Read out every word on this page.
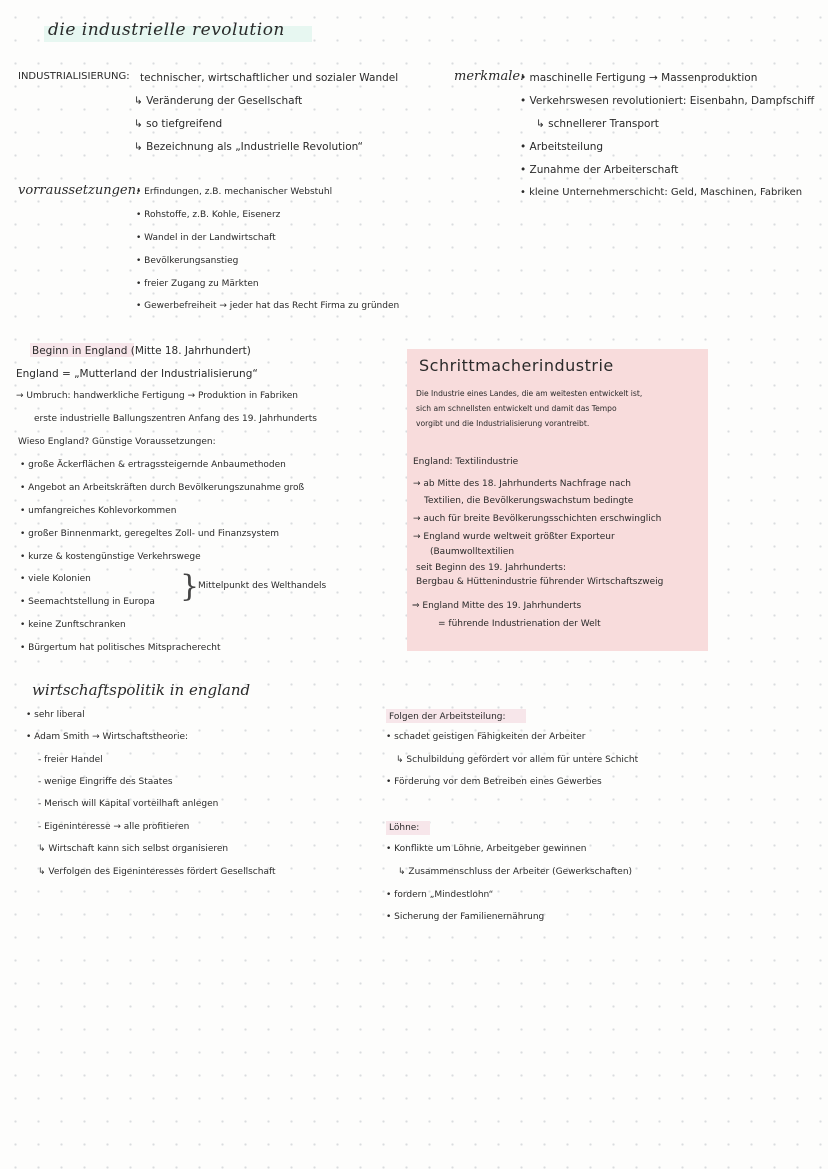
die industrielle revolution
INDUSTRIALISIERUNG: technischer, wirtschaftlicher und sozialer Wandel
↳ Veränderung der Gesellschaft
↳ so tiefgreifend
↳ Bezeichnung als „Industrielle Revolution“
merkmale:
• maschinelle Fertigung → Massenproduktion
• Verkehrswesen revolutioniert: Eisenbahn, Dampfschiff
↳ schnellerer Transport
• Arbeitsteilung
• Zunahme der Arbeiterschaft
• kleine Unternehmerschicht: Geld, Maschinen, Fabriken
vorraussetzungen:
• Erfindungen, z.B. mechanischer Webstuhl
• Rohstoffe, z.B. Kohle, Eisenerz
• Wandel in der Landwirtschaft
• Bevölkerungsanstieg
• freier Zugang zu Märkten
• Gewerbefreiheit → jeder hat das Recht Firma zu gründen
Beginn in England (Mitte 18. Jahrhundert)
England = „Mutterland der Industrialisierung“
→ Umbruch: handwerkliche Fertigung → Produktion in Fabriken
erste industrielle Ballungszentren Anfang des 19. Jahrhunderts
Wieso England? Günstige Voraussetzungen:
• große Äckerflächen & ertragssteigernde Anbaumethoden
• Angebot an Arbeitskräften durch Bevölkerungszunahme groß
• umfangreiches Kohlevorkommen
• großer Binnenmarkt, geregeltes Zoll- und Finanzsystem
• kurze & kostengünstige Verkehrswege
• viele Kolonien
• Seemachtstellung in Europa
• keine Zunftschranken
• Bürgertum hat politisches Mitspracherecht
}
Mittelpunkt des Welthandels
Schrittmacherindustrie
Die Industrie eines Landes, die am weitesten entwickelt ist,
sich am schnellsten entwickelt und damit das Tempo
vorgibt und die Industrialisierung vorantreibt.
England: Textilindustrie
→ ab Mitte des 18. Jahrhunderts Nachfrage nach
Textilien, die Bevölkerungswachstum bedingte
→ auch für breite Bevölkerungsschichten erschwinglich
→ England wurde weltweit größter Exporteur
(Baumwolltextilien
seit Beginn des 19. Jahrhunderts:
Bergbau & Hüttenindustrie führender Wirtschaftszweig
⇒ England Mitte des 19. Jahrhunderts
= führende Industrienation der Welt
wirtschaftspolitik in england
• sehr liberal
• Adam Smith → Wirtschaftstheorie:
- freier Handel
- wenige Eingriffe des Staates
- Mensch will Kapital vorteilhaft anlegen
- Eigeninteresse → alle profitieren
↳ Wirtschaft kann sich selbst organisieren
↳ Verfolgen des Eigeninteresses fördert Gesellschaft
Folgen der Arbeitsteilung:
• schadet geistigen Fähigkeiten der Arbeiter
↳ Schulbildung gefördert vor allem für untere Schicht
• Förderung vor dem Betreiben eines Gewerbes
Löhne:
• Konflikte um Löhne, Arbeitgeber gewinnen
↳ Zusammenschluss der Arbeiter (Gewerkschaften)
• fordern „Mindestlohn“
• Sicherung der Familienernährung
